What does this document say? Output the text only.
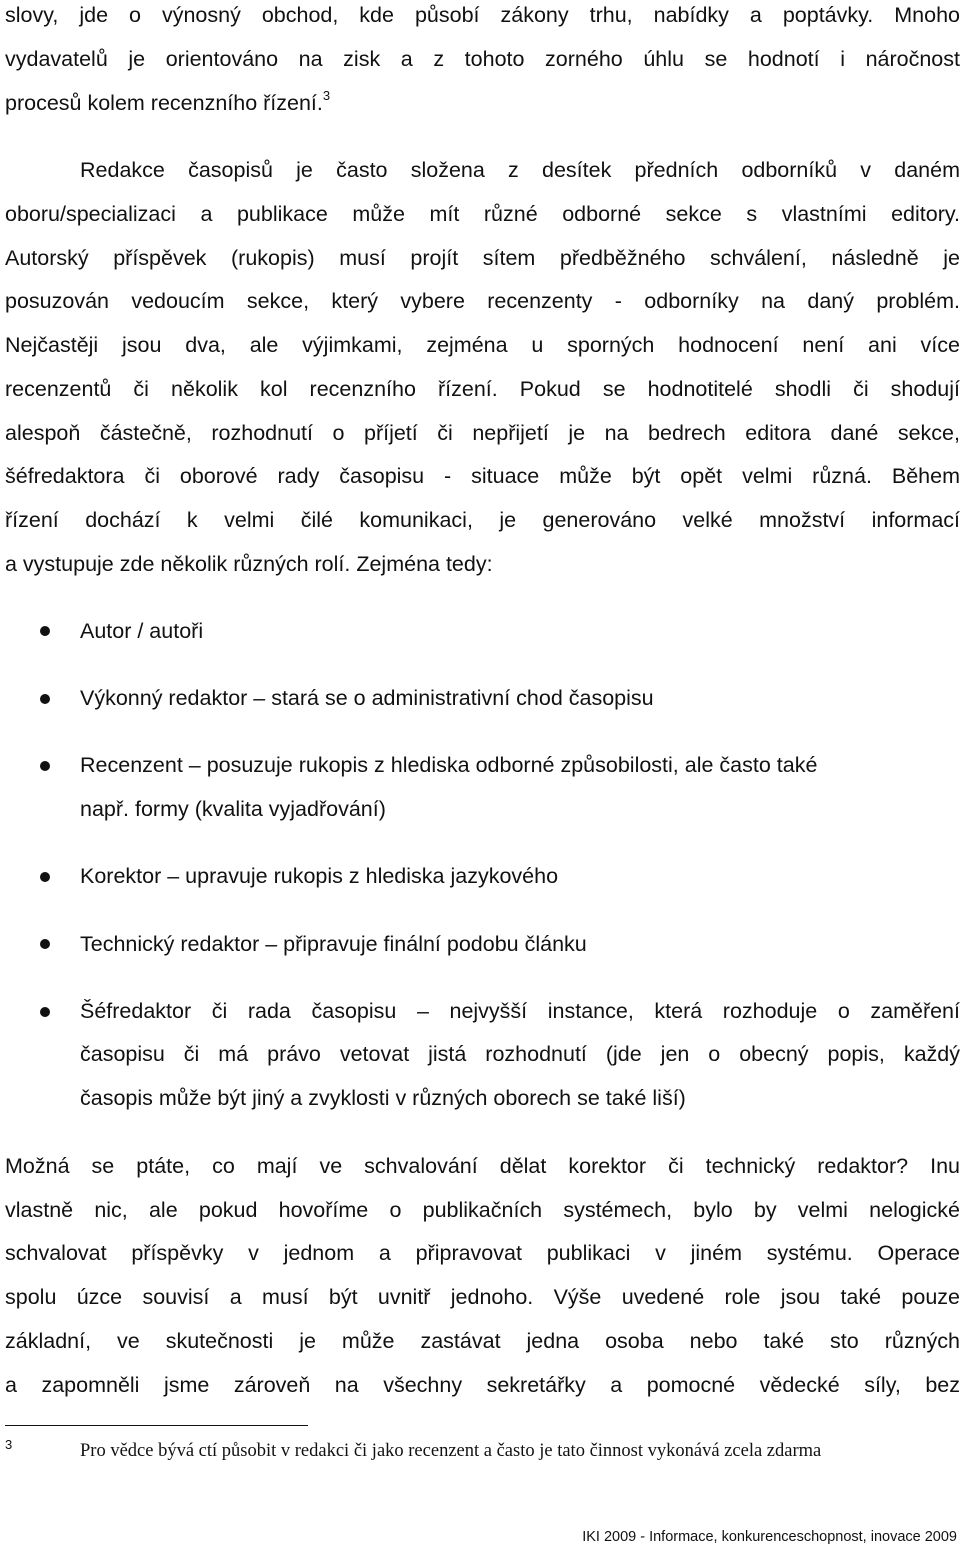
slovy, jde o výnosný obchod, kde působí zákony trhu, nabídky a poptávky. Mnoho
vydavatelů je orientováno na zisk a z tohoto zorného úhlu se hodnotí i náročnost
procesů kolem recenzního řízení.$^3$
Redakce časopisů je často složena z desítek předních odborníků v daném
oboru/specializaci a publikace může mít různé odborné sekce s vlastními editory.
Autorský příspěvek (rukopis) musí projít sítem předběžného schválení, následně je
posuzován vedoucím sekce, který vybere recenzenty - odborníky na daný problém.
Nejčastěji jsou dva, ale výjimkami, zejména u sporných hodnocení není ani více
recenzentů či několik kol recenzního řízení. Pokud se hodnotitelé shodli či shodují
alespoň částečně, rozhodnutí o příjetí či nepřijetí je na bedrech editora dané sekce,
šéfredaktora či oborové rady časopisu - situace může být opět velmi různá. Během
řízení dochází k velmi čilé komunikaci, je generováno velké množství informací
a vystupuje zde několik různých rolí. Zejména tedy:
Autor / autoři
Výkonný redaktor – stará se o administrativní chod časopisu
Recenzent – posuzuje rukopis z hlediska odborné způsobilosti, ale často také
např. formy (kvalita vyjadřování)
Korektor – upravuje rukopis z hlediska jazykového
Technický redaktor – připravuje finální podobu článku
Šéfredaktor či rada časopisu – nejvyšší instance, která rozhoduje o zaměření
časopisu či má právo vetovat jistá rozhodnutí (jde jen o obecný popis, každý
časopis může být jiný a zvyklosti v různých oborech se také liší)
Možná se ptáte, co mají ve schvalování dělat korektor či technický redaktor? Inu
vlastně nic, ale pokud hovoříme o publikačních systémech, bylo by velmi nelogické
schvalovat příspěvky v jednom a připravovat publikaci v jiném systému. Operace
spolu úzce souvisí a musí být uvnitř jednoho. Výše uvedené role jsou také pouze
základní, ve skutečnosti je může zastávat jedna osoba nebo také sto různých
a zapomněli jsme zároveň na všechny sekretářky a pomocné vědecké síly, bez
3	Pro vědce bývá ctí působit v redakci či jako recenzent a často je tato činnost vykonává zcela zdarma
IKI 2009 - Informace, konkurenceschopnost, inovace 2009
